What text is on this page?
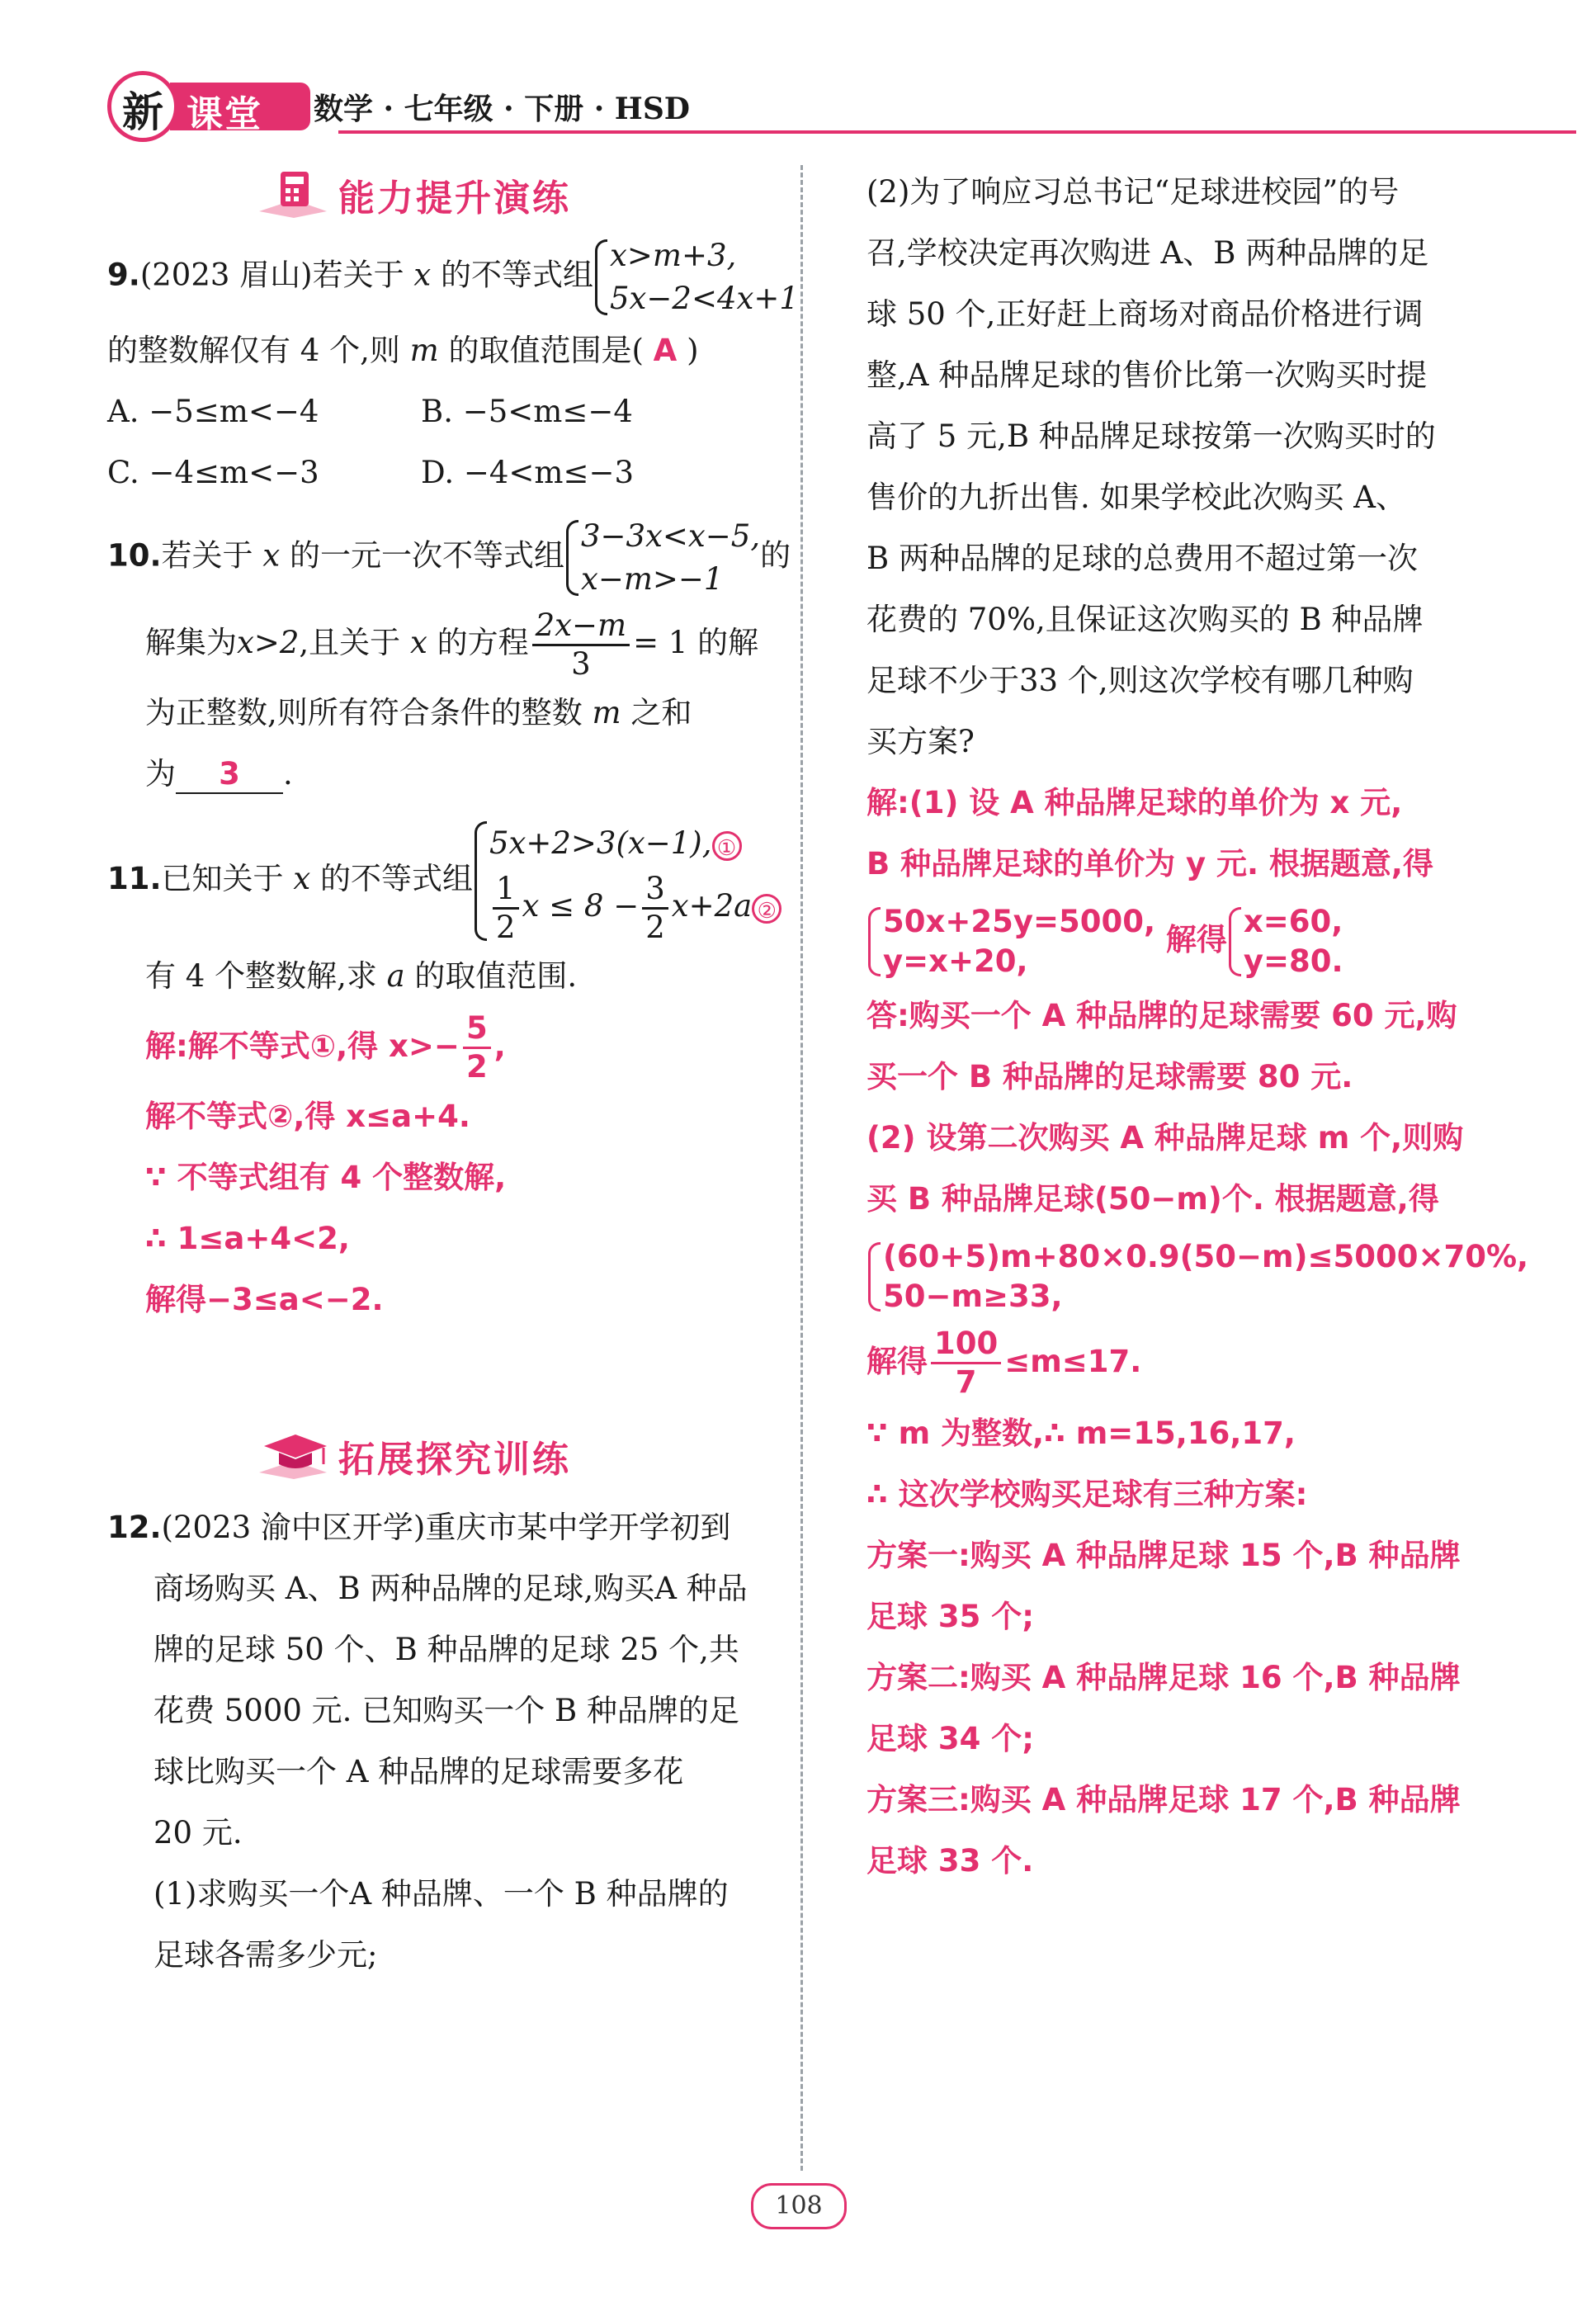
新 课堂 数学 · 七年级 · 下册 · HSD
能力提升演练
9.(2023 眉山)若关于 x 的不等式组
x>m+3,
5x−2<4x+1
的整数解仅有 4 个,则 m 的取值范围是( A )
A. −5≤m<−4	B. −5<m≤−4
C. −4≤m<−3	D. −4<m≤−3
10.若关于 x 的一元一次不等式组
3−3x<x−5,
x−m>−1
的
解集为x>2,且关于 x 的方程 $\frac{2x-m}{3} = 1$ 的解
为正整数,则所有符合条件的整数 m 之和
为 3 .
11.已知关于 x 的不等式组
5x+2>3(x−1), ①
$\frac{1}{2}$ $x \le 8 - \frac{3}{2} x+2a$ ②
有 4 个整数解,求 a 的取值范围.
解:解不等式①,得 $x>- \frac{5}{2}$ ,
解不等式②,得 x≤a+4.
∵ 不等式组有 4 个整数解,
∴ 1≤a+4<2,
解得−3≤a<−2.
拓展探究训练
12.(2023 渝中区开学)重庆市某中学开学初到
商场购买 A、B 两种品牌的足球,购买A 种品
牌的足球 50 个、B 种品牌的足球 25 个,共
花费 5000 元. 已知购买一个 B 种品牌的足
球比购买一个 A 种品牌的足球需要多花
20 元.
(1)求购买一个A 种品牌、一个 B 种品牌的
足球各需多少元;
(2)为了响应习总书记“足球进校园”的号
召,学校决定再次购进 A、B 两种品牌的足
球 50 个,正好赶上商场对商品价格进行调
整,A 种品牌足球的售价比第一次购买时提
高了 5 元,B 种品牌足球按第一次购买时的
售价的九折出售. 如果学校此次购买 A、
B 两种品牌的足球的总费用不超过第一次
花费的 70%,且保证这次购买的 B 种品牌
足球不少于33 个,则这次学校有哪几种购
买方案?
解:(1) 设 A 种品牌足球的单价为 x 元,
B 种品牌足球的单价为 y 元. 根据题意,得
50x+25y=5000,
y=x+20,
解得
x=60,
y=80.
答:购买一个 A 种品牌的足球需要 60 元,购
买一个 B 种品牌的足球需要 80 元.
(2) 设第二次购买 A 种品牌足球 m 个,则购
买 B 种品牌足球(50−m)个. 根据题意,得
(60+5)m+80×0.9(50−m)≤5000×70%,
50−m≥33,
解得 $\frac{100}{7} \le m\le 17$.
∵ m 为整数,∴ m=15,16,17,
∴ 这次学校购买足球有三种方案:
方案一:购买 A 种品牌足球 15 个,B 种品牌
足球 35 个;
方案二:购买 A 种品牌足球 16 个,B 种品牌
足球 34 个;
方案三:购买 A 种品牌足球 17 个,B 种品牌
足球 33 个.
108
